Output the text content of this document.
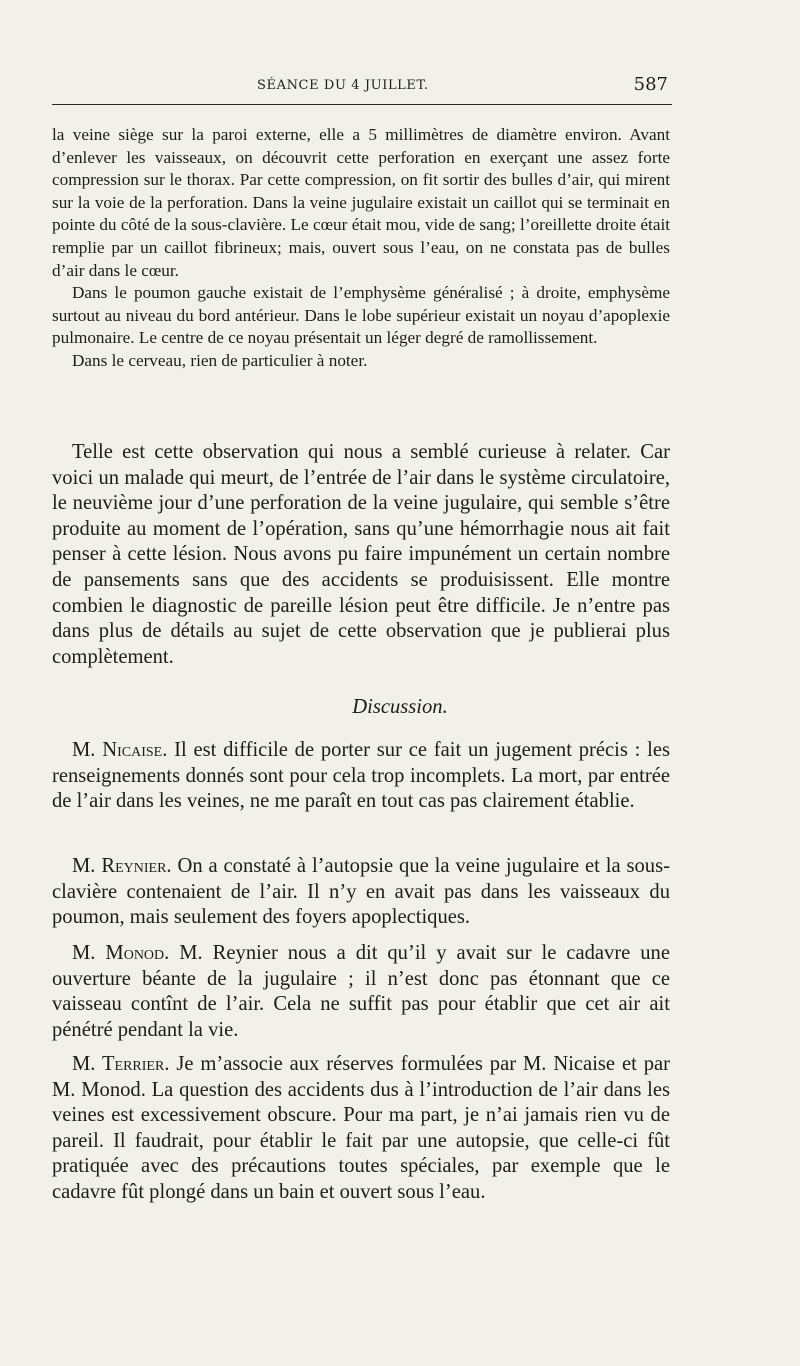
SÉANCE DU 4 JUILLET.	587

la veine siège sur la paroi externe, elle a 5 millimètres de diamètre environ. Avant d’enlever les vaisseaux, on découvrit cette perforation en exerçant une assez forte compression sur le thorax. Par cette compression, on fit sortir des bulles d’air, qui mirent sur la voie de la perforation. Dans la veine jugulaire existait un caillot qui se terminait en pointe du côté de la sous-clavière. Le cœur était mou, vide de sang; l’oreillette droite était remplie par un caillot fibrineux; mais, ouvert sous l’eau, on ne constata pas de bulles d’air dans le cœur.

Dans le poumon gauche existait de l’emphysème généralisé ; à droite, emphysème surtout au niveau du bord antérieur. Dans le lobe supérieur existait un noyau d’apoplexie pulmonaire. Le centre de ce noyau présentait un léger degré de ramollissement.

Dans le cerveau, rien de particulier à noter.

Telle est cette observation qui nous a semblé curieuse à relater. Car voici un malade qui meurt, de l’entrée de l’air dans le système circulatoire, le neuvième jour d’une perforation de la veine jugulaire, qui semble s’être produite au moment de l’opération, sans qu’une hémorrhagie nous ait fait penser à cette lésion. Nous avons pu faire impunément un certain nombre de pansements sans que des accidents se produisissent. Elle montre combien le diagnostic de pareille lésion peut être difficile. Je n’entre pas dans plus de détails au sujet de cette observation que je publierai plus complètement.

Discussion.

M. Nicaise. Il est difficile de porter sur ce fait un jugement précis : les renseignements donnés sont pour cela trop incomplets. La mort, par entrée de l’air dans les veines, ne me paraît en tout cas pas clairement établie.

M. Reynier. On a constaté à l’autopsie que la veine jugulaire et la sous-clavière contenaient de l’air. Il n’y en avait pas dans les vaisseaux du poumon, mais seulement des foyers apoplectiques.

M. Monod. M. Reynier nous a dit qu’il y avait sur le cadavre une ouverture béante de la jugulaire ; il n’est donc pas étonnant que ce vaisseau contînt de l’air. Cela ne suffit pas pour établir que cet air ait pénétré pendant la vie.

M. Terrier. Je m’associe aux réserves formulées par M. Nicaise et par M. Monod. La question des accidents dus à l’introduction de l’air dans les veines est excessivement obscure. Pour ma part, je n’ai jamais rien vu de pareil. Il faudrait, pour établir le fait par une autopsie, que celle-ci fût pratiquée avec des précautions toutes spéciales, par exemple que le cadavre fût plongé dans un bain et ouvert sous l’eau.
